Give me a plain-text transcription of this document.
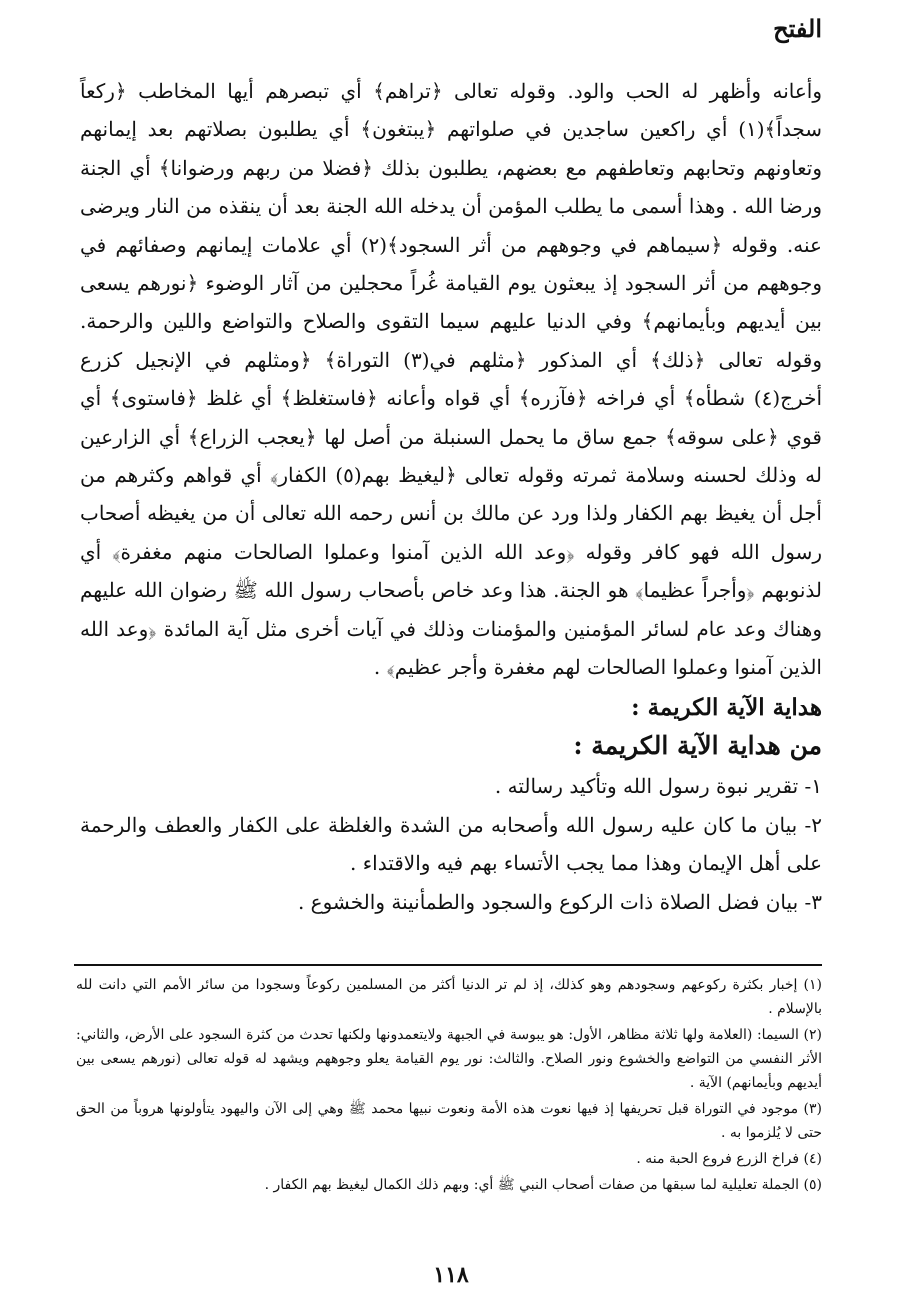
الفتح

وأعانه وأظهر له الحب والود. وقوله تعالى ﴿تراهم﴾ أي تبصرهم أيها المخاطب ﴿ركعاً سجداً﴾(١) أي راكعين ساجدين في صلواتهم ﴿يبتغون﴾ أي يطلبون بصلاتهم بعد إيمانهم وتعاونهم وتحابهم وتعاطفهم مع بعضهم، يطلبون بذلك ﴿فضلا من ربهم ورضوانا﴾ أي الجنة ورضا الله . وهذا أسمى ما يطلب المؤمن أن يدخله الله الجنة بعد أن ينقذه من النار ويرضى عنه. وقوله ﴿سيماهم في وجوههم من أثر السجود﴾(٢) أي علامات إيمانهم وصفائهم في وجوههم من أثر السجود إذ يبعثون يوم القيامة غُراً محجلين من آثار الوضوء ﴿نورهم يسعى بين أيديهم وبأيمانهم﴾ وفي الدنيا عليهم سيما التقوى والصلاح والتواضع واللين والرحمة. وقوله تعالى ﴿ذلك﴾ أي المذكور ﴿مثلهم في(٣) التوراة﴾ ﴿ومثلهم في الإنجيل كزرع أخرج(٤) شطأه﴾ أي فراخه ﴿فآزره﴾ أي قواه وأعانه ﴿فاستغلظ﴾ أي غلظ ﴿فاستوى﴾ أي قوي ﴿على سوقه﴾ جمع ساق ما يحمل السنبلة من أصل لها ﴿يعجب الزراع﴾ أي الزارعين له وذلك لحسنه وسلامة ثمرته وقوله تعالى ﴿ليغيظ بهم(٥) الكفار﴾ أي قواهم وكثرهم من أجل أن يغيظ بهم الكفار ولذا ورد عن مالك بن أنس رحمه الله تعالى أن من يغيظه أصحاب رسول الله فهو كافر وقوله ﴿وعد الله الذين آمنوا وعملوا الصالحات منهم مغفرة﴾ أي لذنوبهم ﴿وأجراً عظيما﴾ هو الجنة. هذا وعد خاص بأصحاب رسول الله ﷺ رضوان الله عليهم وهناك وعد عام لسائر المؤمنين والمؤمنات وذلك في آيات أخرى مثل آية المائدة ﴿وعد الله الذين آمنوا وعملوا الصالحات لهم مغفرة وأجر عظيم﴾ .

هداية الآية الكريمة :
من هداية الآية الكريمة :
١- تقرير نبوة رسول الله وتأكيد رسالته .
٢- بيان ما كان عليه رسول الله وأصحابه من الشدة والغلظة على الكفار والعطف والرحمة على أهل الإيمان وهذا مما يجب الأتساء بهم فيه والاقتداء .
٣- بيان فضل الصلاة ذات الركوع والسجود والطمأنينة والخشوع .
(١) إخبار بكثرة ركوعهم وسجودهم وهو كذلك، إذ لم تر الدنيا أكثر من المسلمين ركوعاً وسجودا من سائر الأمم التي دانت لله بالإسلام .
(٢) السيما: (العلامة ولها ثلاثة مظاهر، الأول: هو يبوسة في الجبهة ولايتعمدونها ولكنها تحدث من كثرة السجود على الأرض، والثاني: الأثر النفسي من التواضع والخشوع ونور الصلاح. والثالث: نور يوم القيامة يعلو وجوههم ويشهد له قوله تعالى (نورهم يسعى بين أيديهم وبأيمانهم) الآية .
(٣) موجود في التوراة قبل تحريفها إذ فيها نعوت هذه الأمة ونعوت نبيها محمد ﷺ وهي إلى الآن واليهود يتأولونها هروباً من الحق حتى لا يُلزموا به .
(٤) فراخ الزرع فروع الحبة منه .
(٥) الجملة تعليلية لما سبقها من صفات أصحاب النبي ﷺ أي: وبهم ذلك الكمال ليغيظ بهم الكفار .
١١٨
